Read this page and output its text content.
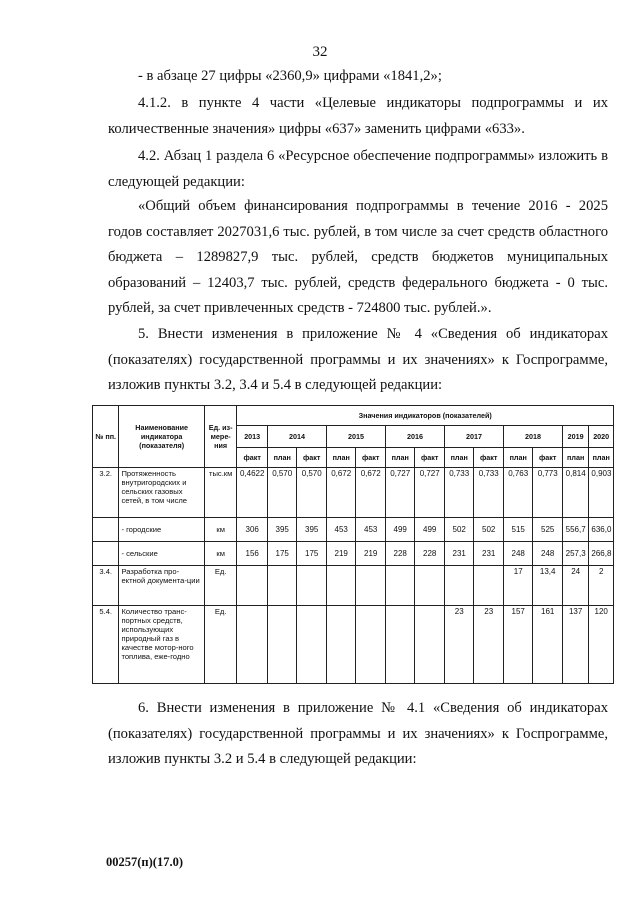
32
- в абзаце 27 цифры «2360,9» цифрами «1841,2»;
4.1.2. в пункте 4 части «Целевые индикаторы подпрограммы и их количественные значения» цифры «637» заменить цифрами «633».
4.2. Абзац 1 раздела 6 «Ресурсное обеспечение подпрограммы» изложить в следующей редакции:
«Общий объем финансирования подпрограммы в течение 2016 - 2025 годов составляет 2027031,6 тыс. рублей, в том числе за счет средств областного бюджета – 1289827,9 тыс. рублей, средств бюджетов муниципальных образований – 12403,7 тыс. рублей, средств федерального бюджета - 0 тыс. рублей, за счет привлеченных средств - 724800 тыс. рублей.».
5. Внести изменения в приложение № 4 «Сведения об индикаторах (показателях) государственной программы и их значениях» к Госпрограмме, изложив пункты 3.2, 3.4 и 5.4 в следующей редакции:
№ пп.	Наименование индикатора (показателя)	Ед. из-мере-ния	Значения индикаторов (показателей)												
			2013	2014		2015		2016		2017		2018		2019	2020
			факт	план	факт	план	факт	план	факт	план	факт	план	факт	план	план
3.2.	Протяженность внутригородских и сельских газовых сетей, в том числе	тыс.км	0,4622	0,570	0,570	0,672	0,672	0,727	0,727	0,733	0,733	0,763	0,773	0,814	0,903
	- городские	км	306	395	395	453	453	499	499	502	502	515	525	556,7	636,0
	- сельские	км	156	175	175	219	219	228	228	231	231	248	248	257,3	266,8
3.4.	Разработка про-ектной документа-ции	Ед.										17	13,4	24	2
5.4.	Количество транс-портных средств, использующих природный газ в качестве мотор-ного топлива, еже-годно	Ед.								23	23	157	161	137	120
6. Внести изменения в приложение № 4.1 «Сведения об индикаторах (показателях) государственной программы и их значениях» к Госпрограмме, изложив пункты 3.2 и 5.4 в следующей редакции:
00257(п)(17.0)
